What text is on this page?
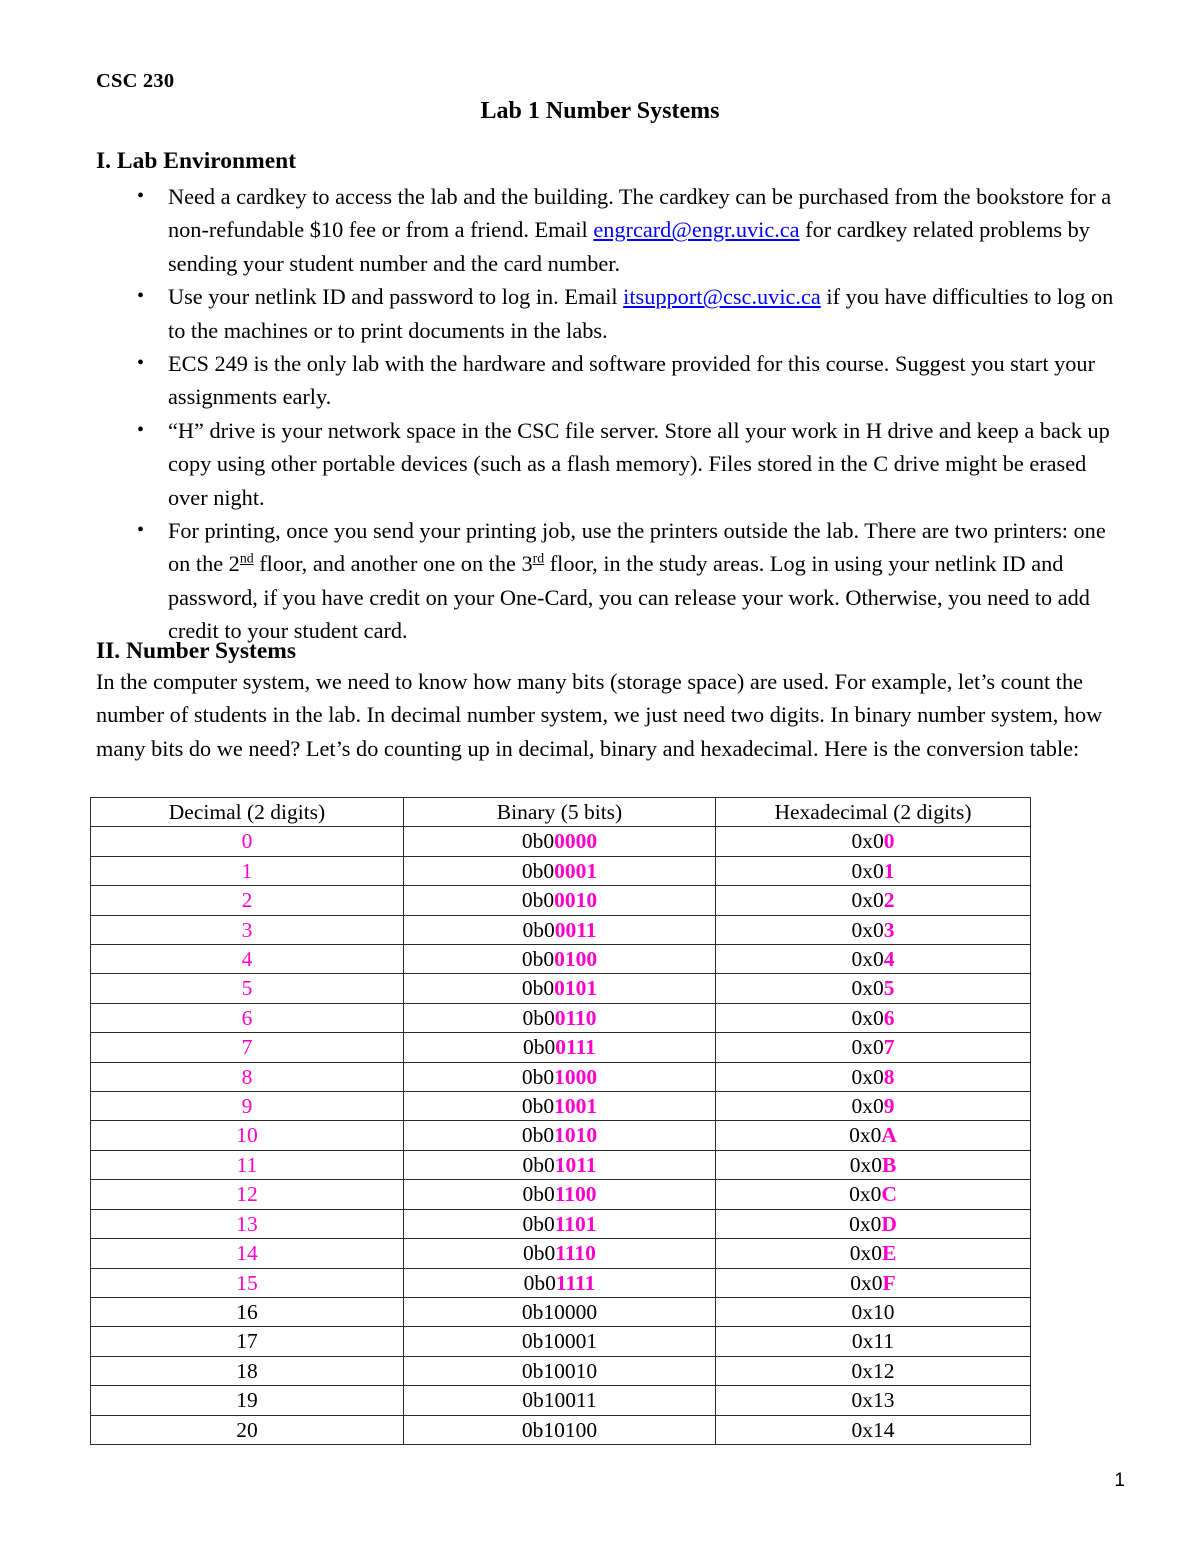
CSC 230
Lab 1 Number Systems
I. Lab Environment
• Need a cardkey to access the lab and the building. The cardkey can be purchased from the bookstore for a non-refundable $10 fee or from a friend. Email engrcard@engr.uvic.ca for cardkey related problems by sending your student number and the card number.
• Use your netlink ID and password to log in. Email itsupport@csc.uvic.ca if you have difficulties to log on to the machines or to print documents in the labs.
• ECS 249 is the only lab with the hardware and software provided for this course. Suggest you start your assignments early.
• “H” drive is your network space in the CSC file server. Store all your work in H drive and keep a back up copy using other portable devices (such as a flash memory). Files stored in the C drive might be erased over night.
• For printing, once you send your printing job, use the printers outside the lab. There are two printers: one on the 2nd floor, and another one on the 3rd floor, in the study areas. Log in using your netlink ID and password, if you have credit on your One-Card, you can release your work. Otherwise, you need to add credit to your student card.
II. Number Systems

In the computer system, we need to know how many bits (storage space) are used. For example, let’s count the number of students in the lab. In decimal number system, we just need two digits. In binary number system, how many bits do we need? Let’s do counting up in decimal, binary and hexadecimal. Here is the conversion table:

Decimal (2 digits)	Binary (5 bits)	Hexadecimal (2 digits)
0	0b00000	0x00
1	0b00001	0x01
2	0b00010	0x02
3	0b00011	0x03
4	0b00100	0x04
5	0b00101	0x05
6	0b00110	0x06
7	0b00111	0x07
8	0b01000	0x08
9	0b01001	0x09
10	0b01010	0x0A
11	0b01011	0x0B
12	0b01100	0x0C
13	0b01101	0x0D
14	0b01110	0x0E
15	0b01111	0x0F
16	0b10000	0x10
17	0b10001	0x11
18	0b10010	0x12
19	0b10011	0x13
20	0b10100	0x14
1
